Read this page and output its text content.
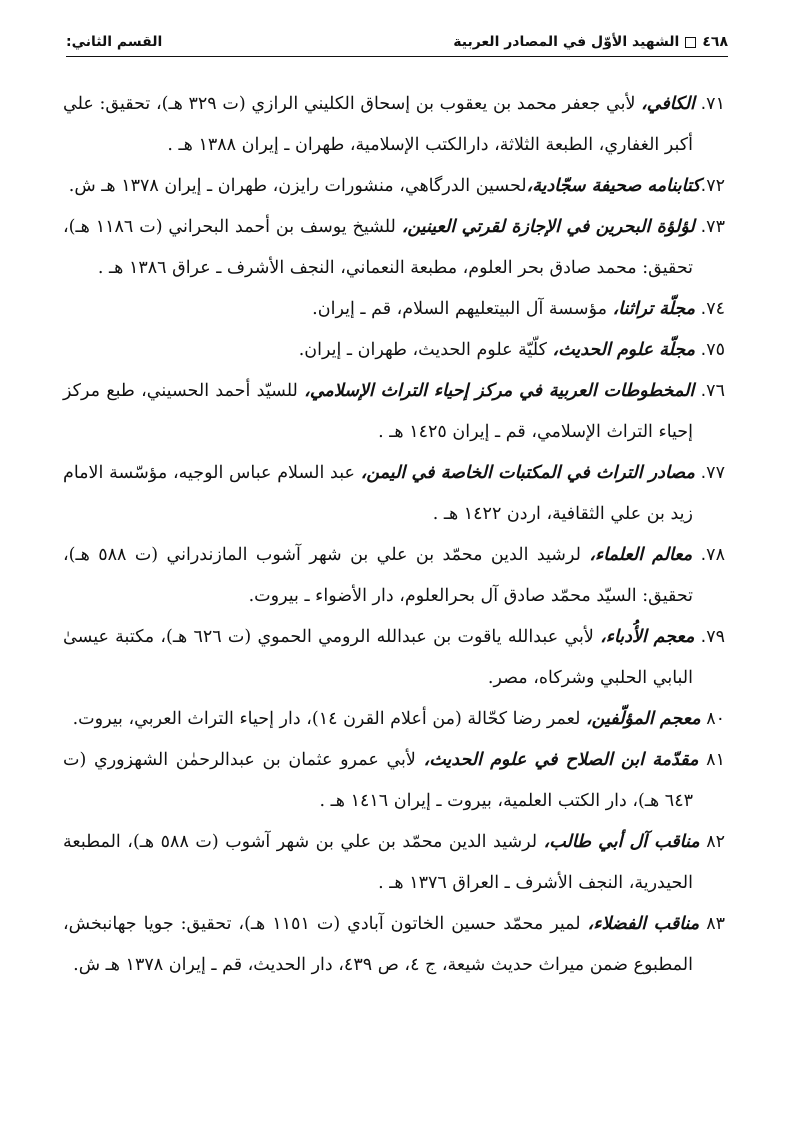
٤٦٨
الشهيد الأوّل في المصادر العربية
القسم الثاني:

٧١. الكافي، لأبي جعفر محمد بن يعقوب بن إسحاق الكليني الرازي (ت ٣٢٩ هـ)، تحقيق: علي أكبر الغفاري، الطبعة الثلاثة، دارالكتب الإسلامية، طهران ـ إيران ١٣٨٨ هـ .

٧٢.كتابنامه صحيفة سجّادية،لحسين الدرگاهي، منشورات رايزن، طهران ـ إيران ١٣٧٨ هـ ش.

٧٣. لؤلؤة البحرين في الإجازة لقرتي العينين، للشيخ يوسف بن أحمد البحراني (ت ١١٨٦ هـ)، تحقيق: محمد صادق بحر العلوم، مطبعة النعماني، النجف الأشرف ـ عراق ١٣٨٦ هـ .

٧٤. مجلّة تراثنا، مؤسسة آل البيتعليهم السلام، قم ـ إيران.

٧٥. مجلّة علوم الحديث، كلّيّة علوم الحديث، طهران ـ إيران.

٧٦. المخطوطات العربية في مركز إحياء التراث الإسلامي، للسيّد أحمد الحسيني، طبع مركز إحياء التراث الإسلامي، قم ـ إيران ١٤٢٥ هـ .

٧٧. مصادر التراث في المكتبات الخاصة في اليمن، عبد السلام عباس الوجيه، مؤسّسة الامام زيد بن علي الثقافية، اردن ١٤٢٢ هـ .

٧٨. معالم العلماء، لرشيد الدين محمّد بن علي بن شهر آشوب المازندراني (ت ٥٨٨ هـ)، تحقيق: السيّد محمّد صادق آل بحرالعلوم، دار الأضواء ـ بيروت.

٧٩. معجم الأُدباء، لأبي عبدالله ياقوت بن عبدالله الرومي الحموي (ت ٦٢٦ هـ)، مكتبة عيسىٰ البابي الحلبي وشركاه، مصر.

٨٠ معجم المؤلّفين، لعمر رضا كحّالة (من أعلام القرن ١٤)، دار إحياء التراث العربي، بيروت.

٨١ مقدّمة ابن الصلاح في علوم الحديث، لأبي عمرو عثمان بن عبدالرحمٰن الشهزوري (ت ٦٤٣ هـ)، دار الكتب العلمية، بيروت ـ إيران ١٤١٦ هـ .

٨٢ مناقب آل أبي طالب، لرشيد الدين محمّد بن علي بن شهر آشوب (ت ٥٨٨ هـ)، المطبعة الحيدرية، النجف الأشرف ـ العراق ١٣٧٦ هـ .

٨٣ مناقب الفضلاء، لمير محمّد حسين الخاتون آبادي (ت ١١٥١ هـ)، تحقيق: جويا جهانبخش، المطبوع ضمن ميراث حديث شيعة، ج ٤، ص ٤٣٩، دار الحديث، قم ـ إيران ١٣٧٨ هـ ش.
